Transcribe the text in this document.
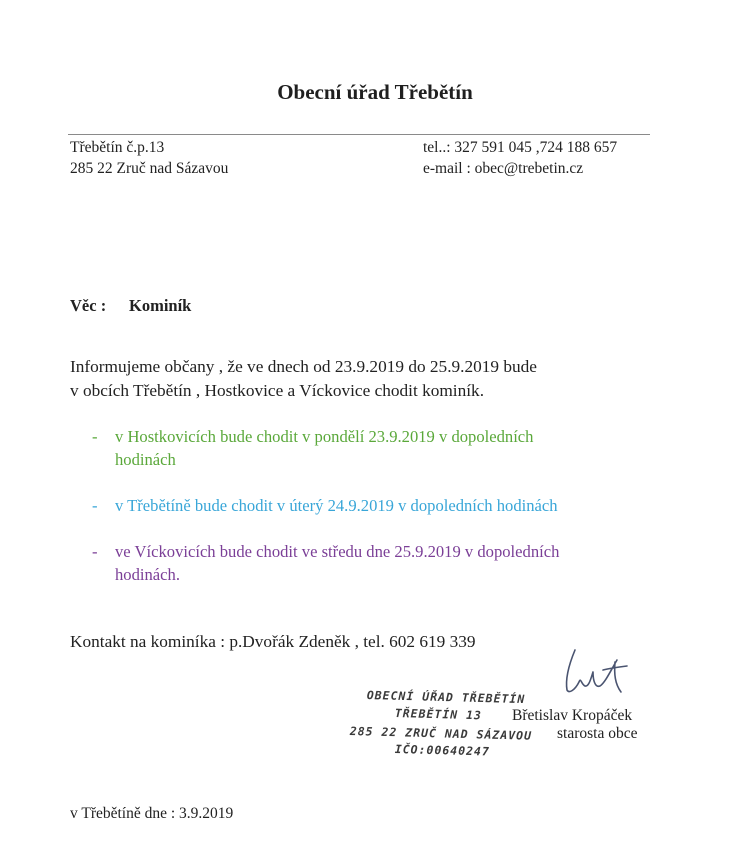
Obecní úřad Třebětín
Třebětín č.p.13
285 22 Zruč nad Sázavou
tel..: 327 591 045 ,724 188 657
e-mail : obec@trebetin.cz
Věc : Kominík
Informujeme občany , že ve dnech od 23.9.2019 do 25.9.2019 bude
v obcích Třebětín , Hostkovice a Víckovice chodit kominík.
- v Hostkovicích bude chodit v pondělí 23.9.2019 v dopoledních
hodinách
- v Třebětíně bude chodit v úterý 24.9.2019 v dopoledních hodinách
- ve Víckovicích bude chodit ve středu dne 25.9.2019 v dopoledních
hodinách.
Kontakt na kominíka : p.Dvořák Zdeněk , tel. 602 619 339
OBECNÍ ÚŘAD TŘEBĚTÍN
TŘEBĚTÍN 13
285 22 ZRUČ NAD SÁZAVOU
IČO:00640247
Břetislav Kropáček
starosta obce
v Třebětíně dne : 3.9.2019
